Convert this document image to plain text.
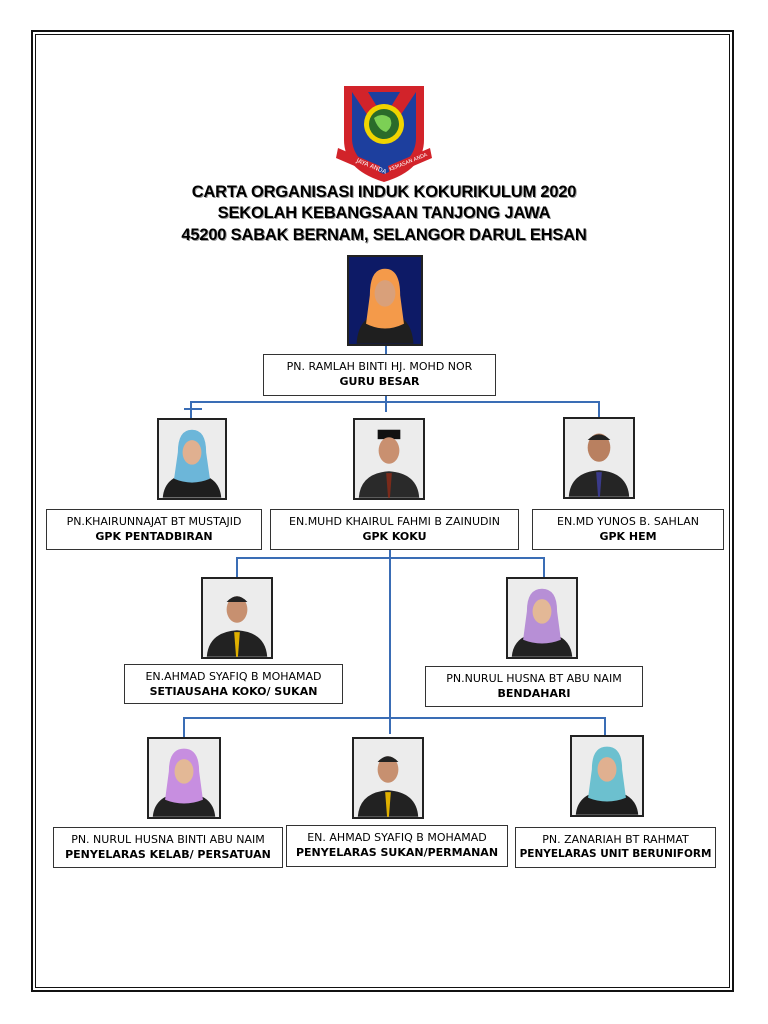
JAYA ANDA KEMASAN ANDA
CARTA ORGANISASI INDUK KOKURIKULUM 2020
SEKOLAH KEBANGSAAN TANJONG JAWA
45200 SABAK BERNAM, SELANGOR DARUL EHSAN
PN. RAMLAH BINTI HJ. MOHD NOR
GURU BESAR
PN.KHAIRUNNAJAT BT MUSTAJID
GPK PENTADBIRAN
EN.MUHD KHAIRUL FAHMI B ZAINUDIN
GPK KOKU
EN.MD YUNOS B. SAHLAN
GPK HEM
EN.AHMAD SYAFIQ B MOHAMAD
SETIAUSAHA KOKO/ SUKAN
PN.NURUL HUSNA BT ABU NAIM
BENDAHARI
PN. NURUL HUSNA BINTI ABU NAIM
PENYELARAS KELAB/ PERSATUAN
EN. AHMAD SYAFIQ B MOHAMAD
PENYELARAS SUKAN/PERMANAN
PN. ZANARIAH BT RAHMAT
PENYELARAS UNIT BERUNIFORM
